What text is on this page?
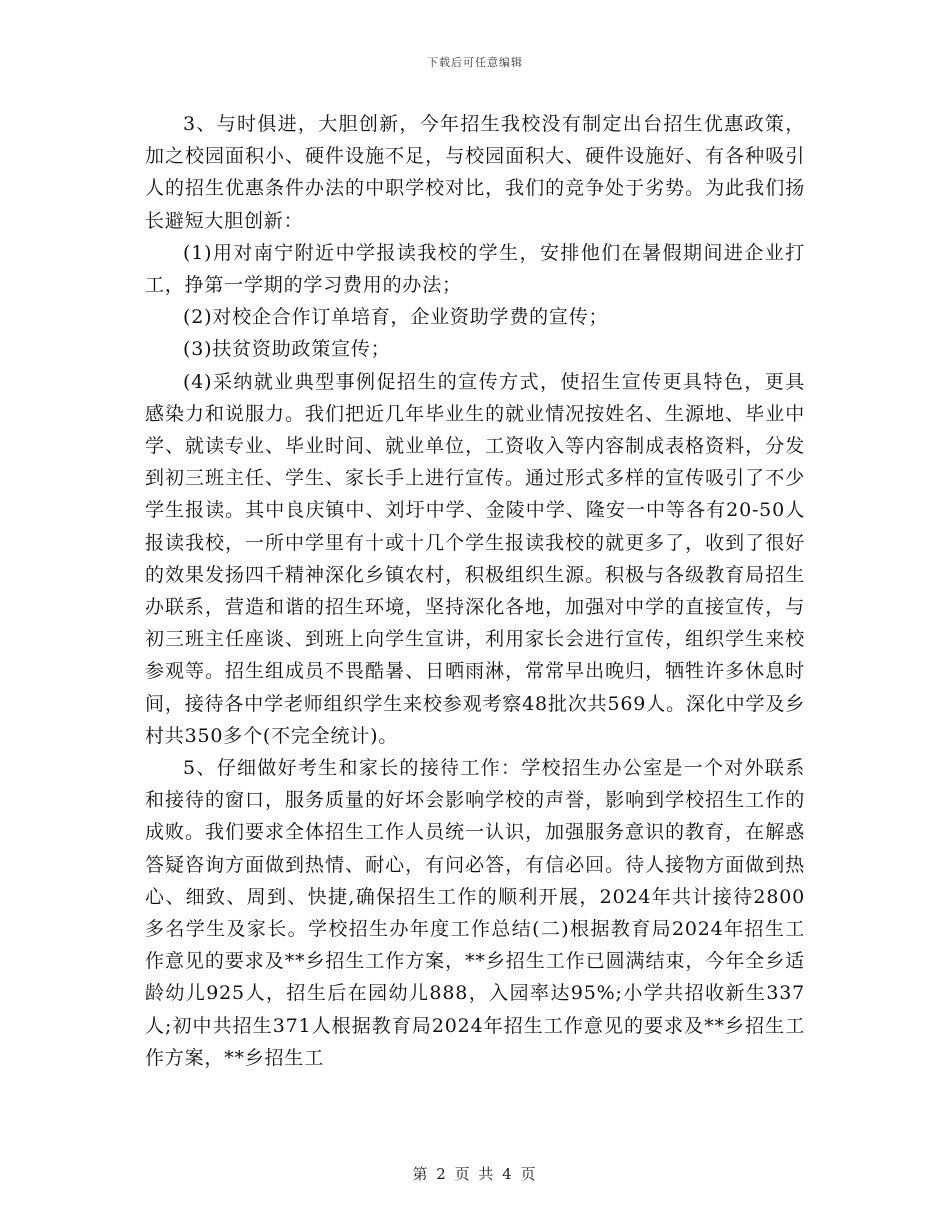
下载后可任意编辑

3、与时俱进，大胆创新，今年招生我校没有制定出台招生优惠政策，加之校园面积小、硬件设施不足，与校园面积大、硬件设施好、有各种吸引人的招生优惠条件办法的中职学校对比，我们的竞争处于劣势。为此我们扬长避短大胆创新：

(1)用对南宁附近中学报读我校的学生，安排他们在暑假期间进企业打工，挣第一学期的学习费用的办法；

(2)对校企合作订单培育，企业资助学费的宣传；

(3)扶贫资助政策宣传；

(4)采纳就业典型事例促招生的宣传方式，使招生宣传更具特色，更具感染力和说服力。我们把近几年毕业生的就业情况按姓名、生源地、毕业中学、就读专业、毕业时间、就业单位，工资收入等内容制成表格资料，分发到初三班主任、学生、家长手上进行宣传。通过形式多样的宣传吸引了不少学生报读。其中良庆镇中、刘圩中学、金陵中学、隆安一中等各有20-50人报读我校，一所中学里有十或十几个学生报读我校的就更多了，收到了很好的效果发扬四千精神深化乡镇农村，积极组织生源。积极与各级教育局招生办联系，营造和谐的招生环境，坚持深化各地，加强对中学的直接宣传，与初三班主任座谈、到班上向学生宣讲，利用家长会进行宣传，组织学生来校参观等。招生组成员不畏酷暑、日晒雨淋，常常早出晚归，牺牲许多休息时间，接待各中学老师组织学生来校参观考察48批次共569人。深化中学及乡村共350多个(不完全统计)。

5、仔细做好考生和家长的接待工作：学校招生办公室是一个对外联系和接待的窗口，服务质量的好坏会影响学校的声誉，影响到学校招生工作的成败。我们要求全体招生工作人员统一认识，加强服务意识的教育，在解惑答疑咨询方面做到热情、耐心，有问必答，有信必回。待人接物方面做到热心、细致、周到、快捷,确保招生工作的顺利开展，2024年共计接待2800多名学生及家长。学校招生办年度工作总结(二)根据教育局2024年招生工作意见的要求及**乡招生工作方案，**乡招生工作已圆满结束，今年全乡适龄幼儿925人，招生后在园幼儿888，入园率达95%;小学共招收新生337人;初中共招生371人根据教育局2024年招生工作意见的要求及**乡招生工作方案，**乡招生工

第 2 页 共 4 页
